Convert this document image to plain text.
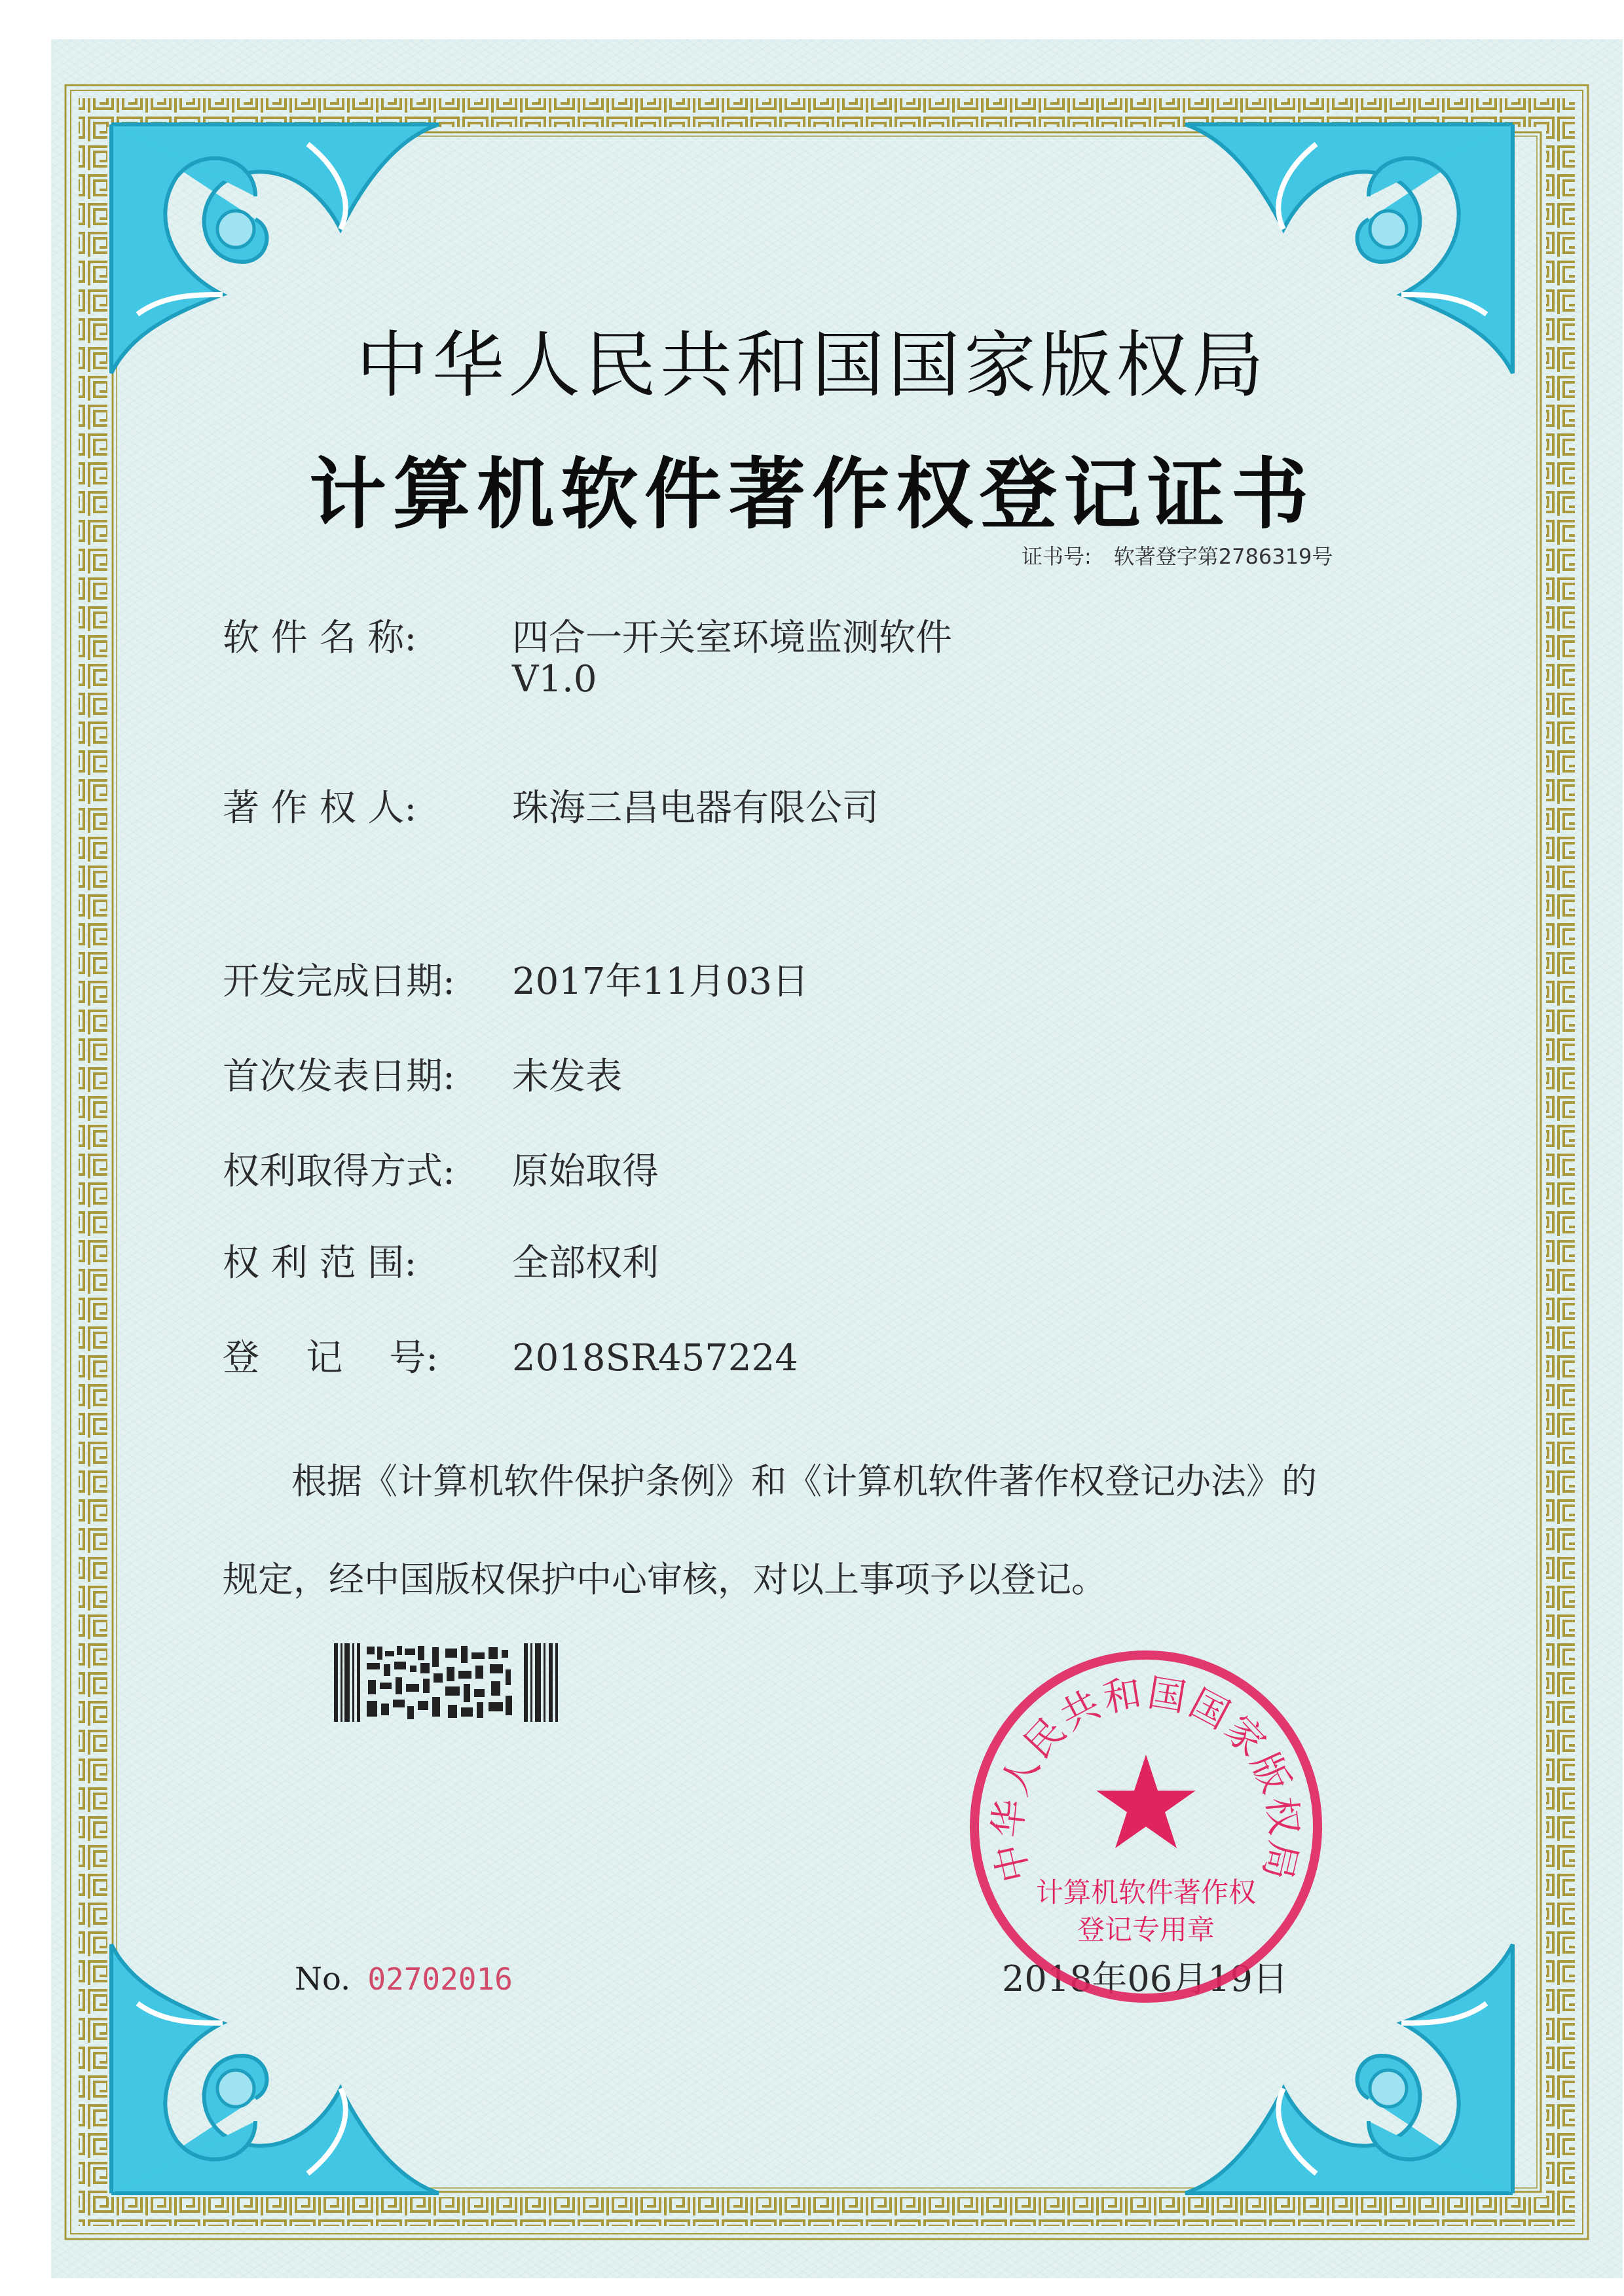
中华人民共和国国家版权局
计算机软件著作权登记证书
证书号: 软著登字第2786319号
软 件 名 称:	四合一开关室环境监测软件
V1.0
著 作 权 人:	珠海三昌电器有限公司
开发完成日期: 2017年11月03日
首次发表日期: 未发表
权利取得方式: 原始取得
权 利 范 围:	全部权利
登    记    号: 2018SR457224
根据《计算机软件保护条例》和《计算机软件著作权登记办法》的
规定，经中国版权保护中心审核，对以上事项予以登记。
No. 02702016	2018年06月19日
中华人民共和国国家版权局
计算机软件著作权
登记专用章
